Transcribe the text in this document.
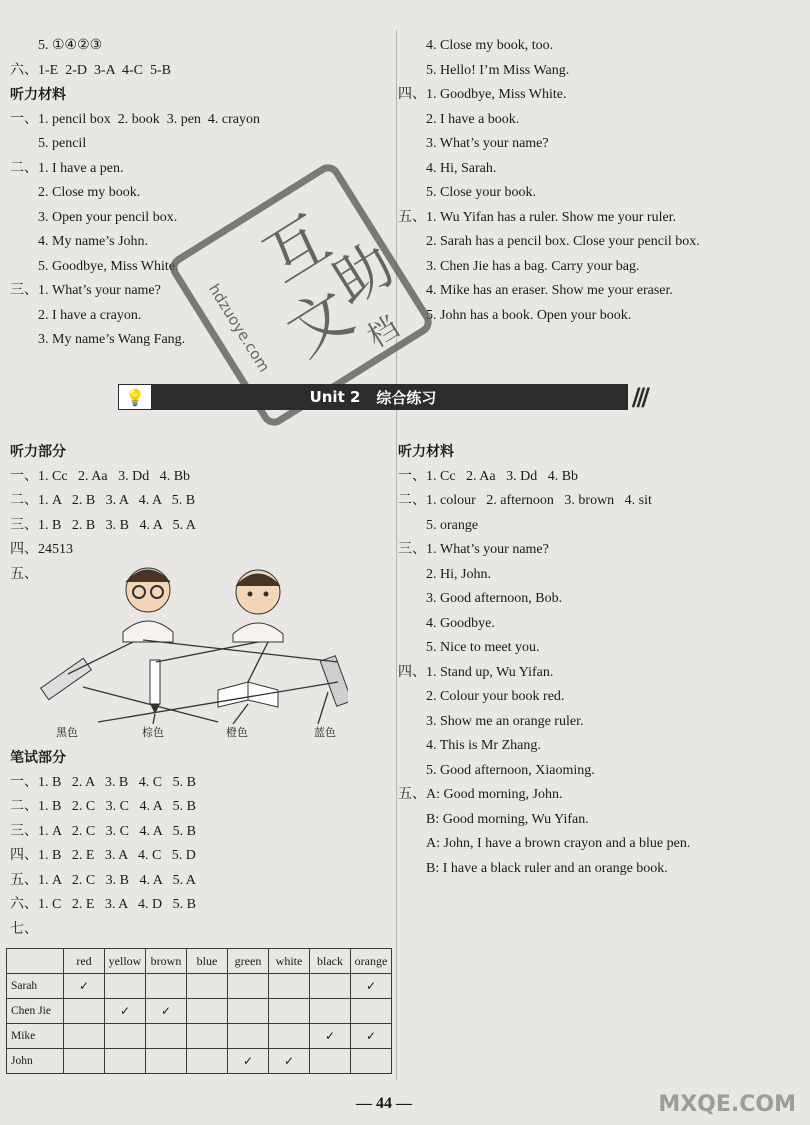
5. ①④②③
六、1-E  2-D  3-A  4-C  5-B
听力材料
一、1. pencil box  2. book  3. pen  4. crayon
5. pencil
二、1. I have a pen.
2. Close my book.
3. Open your pencil box.
4. My name’s John.
5. Goodbye, Miss White.
三、1. What’s your name?
2. I have a crayon.
3. My name’s Wang Fang.
4. Close my book, too.
5. Hello! I’m Miss Wang.
四、1. Goodbye, Miss White.
2. I have a book.
3. What’s your name?
4. Hi, Sarah.
5. Close your book.
五、1. Wu Yifan has a ruler. Show me your ruler.
2. Sarah has a pencil box. Close your pencil box.
3. Chen Jie has a bag. Carry your bag.
4. Mike has an eraser. Show me your eraser.
5. John has a book. Open your book.
互
助
文
档
hdzuoye.com
💡	Unit 2 综合练习	///
听力部分
一、1. Cc   2. Aa   3. Dd   4. Bb
二、1. A   2. B   3. A   4. A   5. B
三、1. B   2. B   3. B   4. A   5. A
四、24513
五、
黑色	棕色	橙色	蓝色
笔试部分
一、1. B   2. A   3. B   4. C   5. B
二、1. B   2. C   3. C   4. A   5. B
三、1. A   2. C   3. C   4. A   5. B
四、1. B   2. E   3. A   4. C   5. D
五、1. A   2. C   3. B   4. A   5. A
六、1. C   2. E   3. A   4. D   5. B
七、
	red	yellow	brown	blue	green	white	black	orange
Sarah	✓							✓
Chen Jie		✓	✓					
Mike							✓	✓
John					✓	✓		
听力材料
一、1. Cc   2. Aa   3. Dd   4. Bb
二、1. colour   2. afternoon   3. brown   4. sit
5. orange
三、1. What’s your name?
2. Hi, John.
3. Good afternoon, Bob.
4. Goodbye.
5. Nice to meet you.
四、1. Stand up, Wu Yifan.
2. Colour your book red.
3. Show me an orange ruler.
4. This is Mr Zhang.
5. Good afternoon, Xiaoming.
五、A: Good morning, John.
B: Good morning, Wu Yifan.
A: John, I have a brown crayon and a blue pen.
B: I have a black ruler and an orange book.
— 44 —	MXQE.COM
